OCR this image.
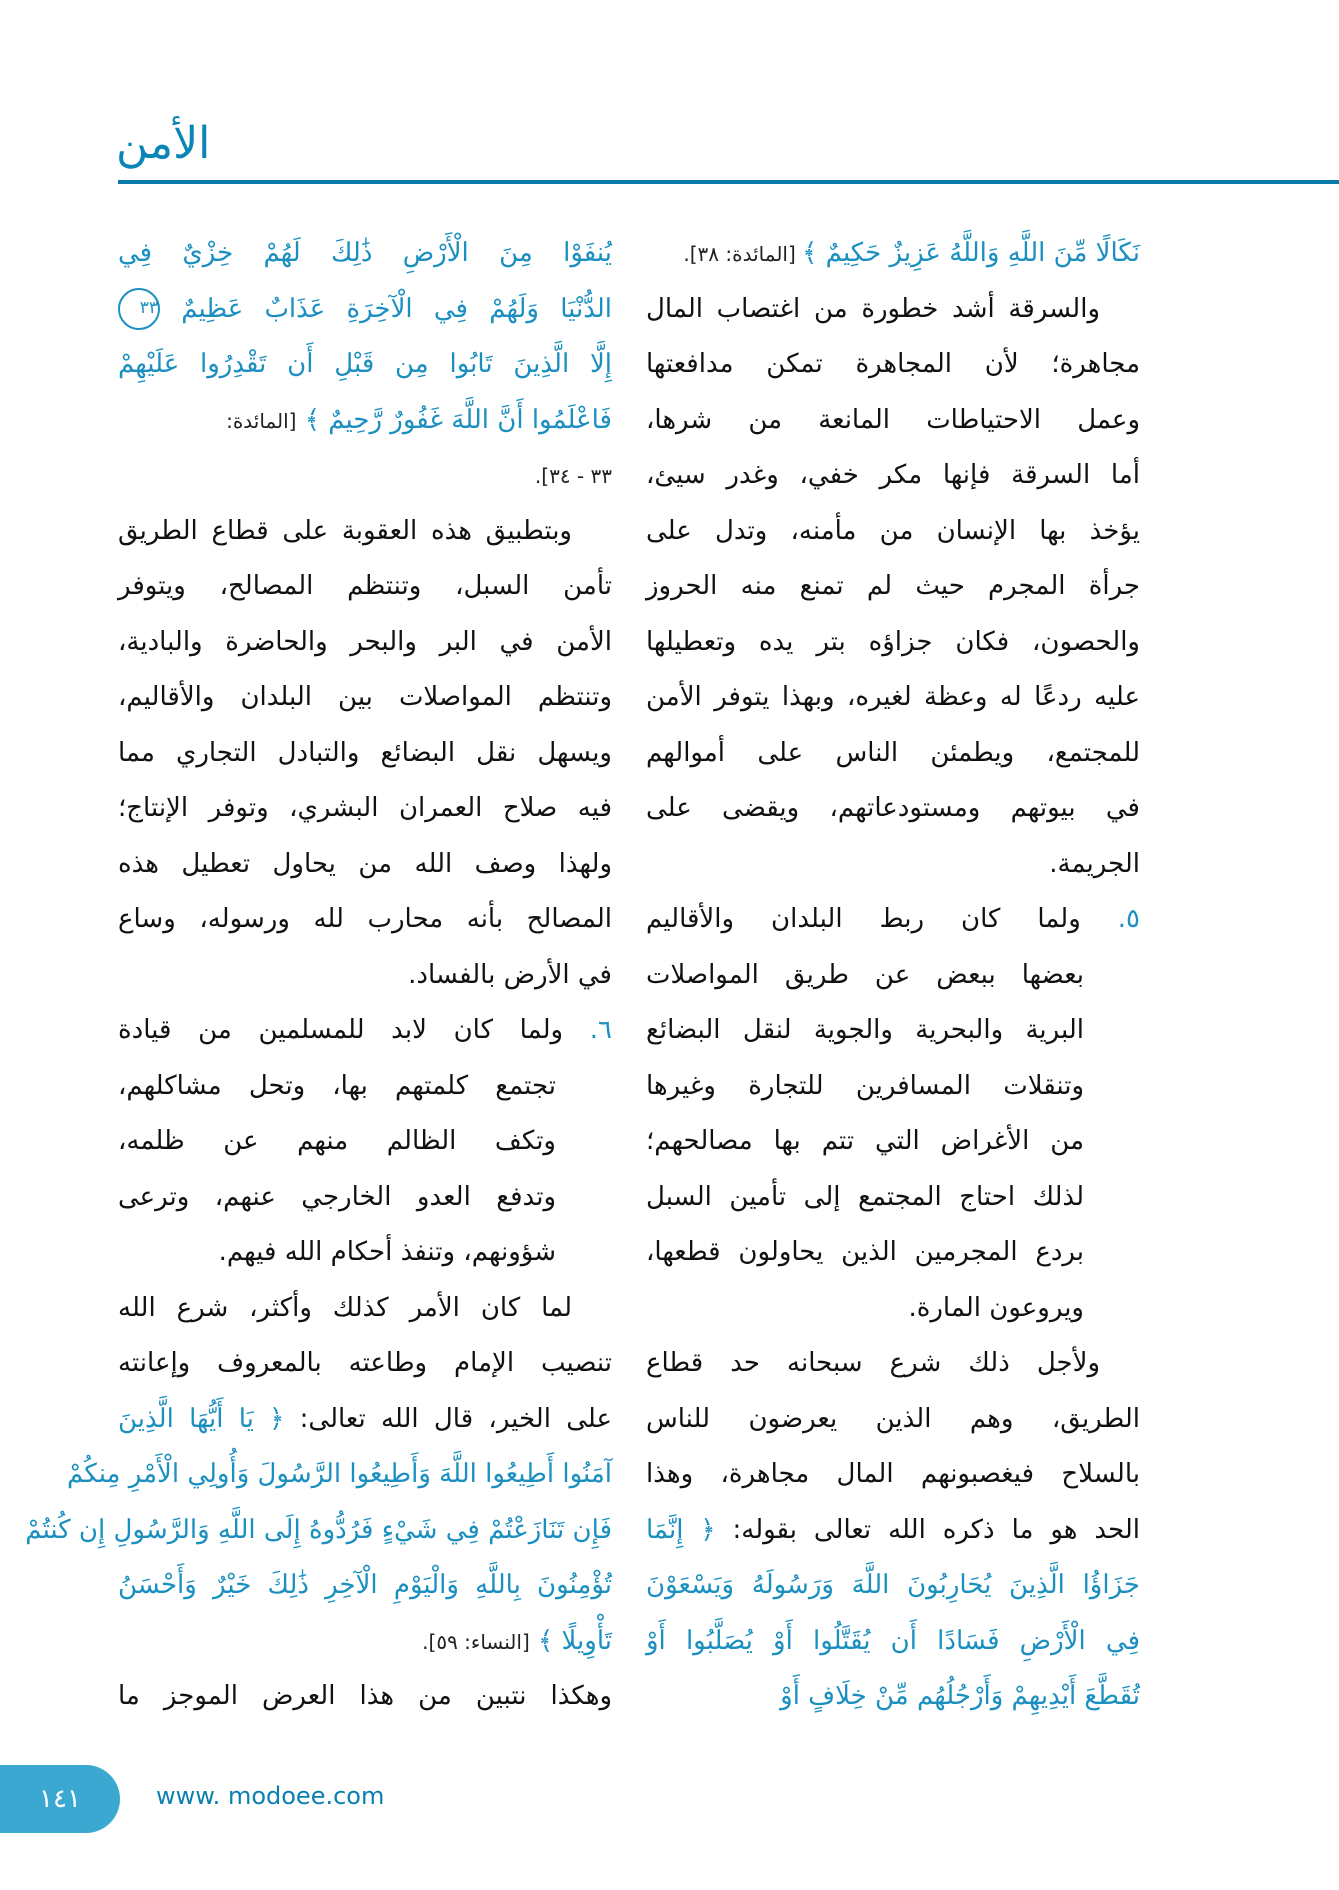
الأمن
نَكَالًا مِّنَ اللَّهِ وَاللَّهُ عَزِيزٌ حَكِيمٌ ﴾ [المائدة: ٣٨].
والسرقة أشد خطورة من اغتصاب المال
مجاهرة؛ لأن المجاهرة تمكن مدافعتها
وعمل الاحتياطات المانعة من شرها،
أما السرقة فإنها مكر خفي، وغدر سيئ،
يؤخذ بها الإنسان من مأمنه، وتدل على
جرأة المجرم حيث لم تمنع منه الحروز
والحصون، فكان جزاؤه بتر يده وتعطيلها
عليه ردعًا له وعظة لغيره، وبهذا يتوفر الأمن
للمجتمع، ويطمئن الناس على أموالهم
في بيوتهم ومستودعاتهم، ويقضى على
الجريمة.
٥. ولما كان ربط البلدان والأقاليم
بعضها ببعض عن طريق المواصلات
البرية والبحرية والجوية لنقل البضائع
وتنقلات المسافرين للتجارة وغيرها
من الأغراض التي تتم بها مصالحهم؛
لذلك احتاج المجتمع إلى تأمين السبل
بردع المجرمين الذين يحاولون قطعها،
ويروعون المارة.
ولأجل ذلك شرع سبحانه حد قطاع
الطريق، وهم الذين يعرضون للناس
بالسلاح فيغصبونهم المال مجاهرة، وهذا
الحد هو ما ذكره الله تعالى بقوله: ﴿ إِنَّمَا
جَزَاؤُا الَّذِينَ يُحَارِبُونَ اللَّهَ وَرَسُولَهُ وَيَسْعَوْنَ
فِي الْأَرْضِ فَسَادًا أَن يُقَتَّلُوا أَوْ يُصَلَّبُوا أَوْ
تُقَطَّعَ أَيْدِيهِمْ وَأَرْجُلُهُم مِّنْ خِلَافٍ أَوْ
يُنفَوْا مِنَ الْأَرْضِ ذَٰلِكَ لَهُمْ خِزْيٌ فِي
الدُّنْيَا وَلَهُمْ فِي الْآخِرَةِ عَذَابٌ عَظِيمٌ ٣٣
إِلَّا الَّذِينَ تَابُوا مِن قَبْلِ أَن تَقْدِرُوا عَلَيْهِمْ
فَاعْلَمُوا أَنَّ اللَّهَ غَفُورٌ رَّحِيمٌ ﴾ [المائدة:
٣٣ - ٣٤].
وبتطبيق هذه العقوبة على قطاع الطريق
تأمن السبل، وتنتظم المصالح، ويتوفر
الأمن في البر والبحر والحاضرة والبادية،
وتنتظم المواصلات بين البلدان والأقاليم،
ويسهل نقل البضائع والتبادل التجاري مما
فيه صلاح العمران البشري، وتوفر الإنتاج؛
ولهذا وصف الله من يحاول تعطيل هذه
المصالح بأنه محارب لله ورسوله، وساع
في الأرض بالفساد.
٦. ولما كان لابد للمسلمين من قيادة
تجتمع كلمتهم بها، وتحل مشاكلهم،
وتكف الظالم منهم عن ظلمه،
وتدفع العدو الخارجي عنهم، وترعى
شؤونهم، وتنفذ أحكام الله فيهم.
لما كان الأمر كذلك وأكثر، شرع الله
تنصيب الإمام وطاعته بالمعروف وإعانته
على الخير، قال الله تعالى: ﴿ يَا أَيُّهَا الَّذِينَ
آمَنُوا أَطِيعُوا اللَّهَ وَأَطِيعُوا الرَّسُولَ وَأُولِي الْأَمْرِ مِنكُمْ
فَإِن تَنَازَعْتُمْ فِي شَيْءٍ فَرُدُّوهُ إِلَى اللَّهِ وَالرَّسُولِ إِن كُنتُمْ
تُؤْمِنُونَ بِاللَّهِ وَالْيَوْمِ الْآخِرِ ذَٰلِكَ خَيْرٌ وَأَحْسَنُ
تَأْوِيلًا ﴾ [النساء: ٥٩].
وهكذا نتبين من هذا العرض الموجز ما
١٤١	www. modoee.com
